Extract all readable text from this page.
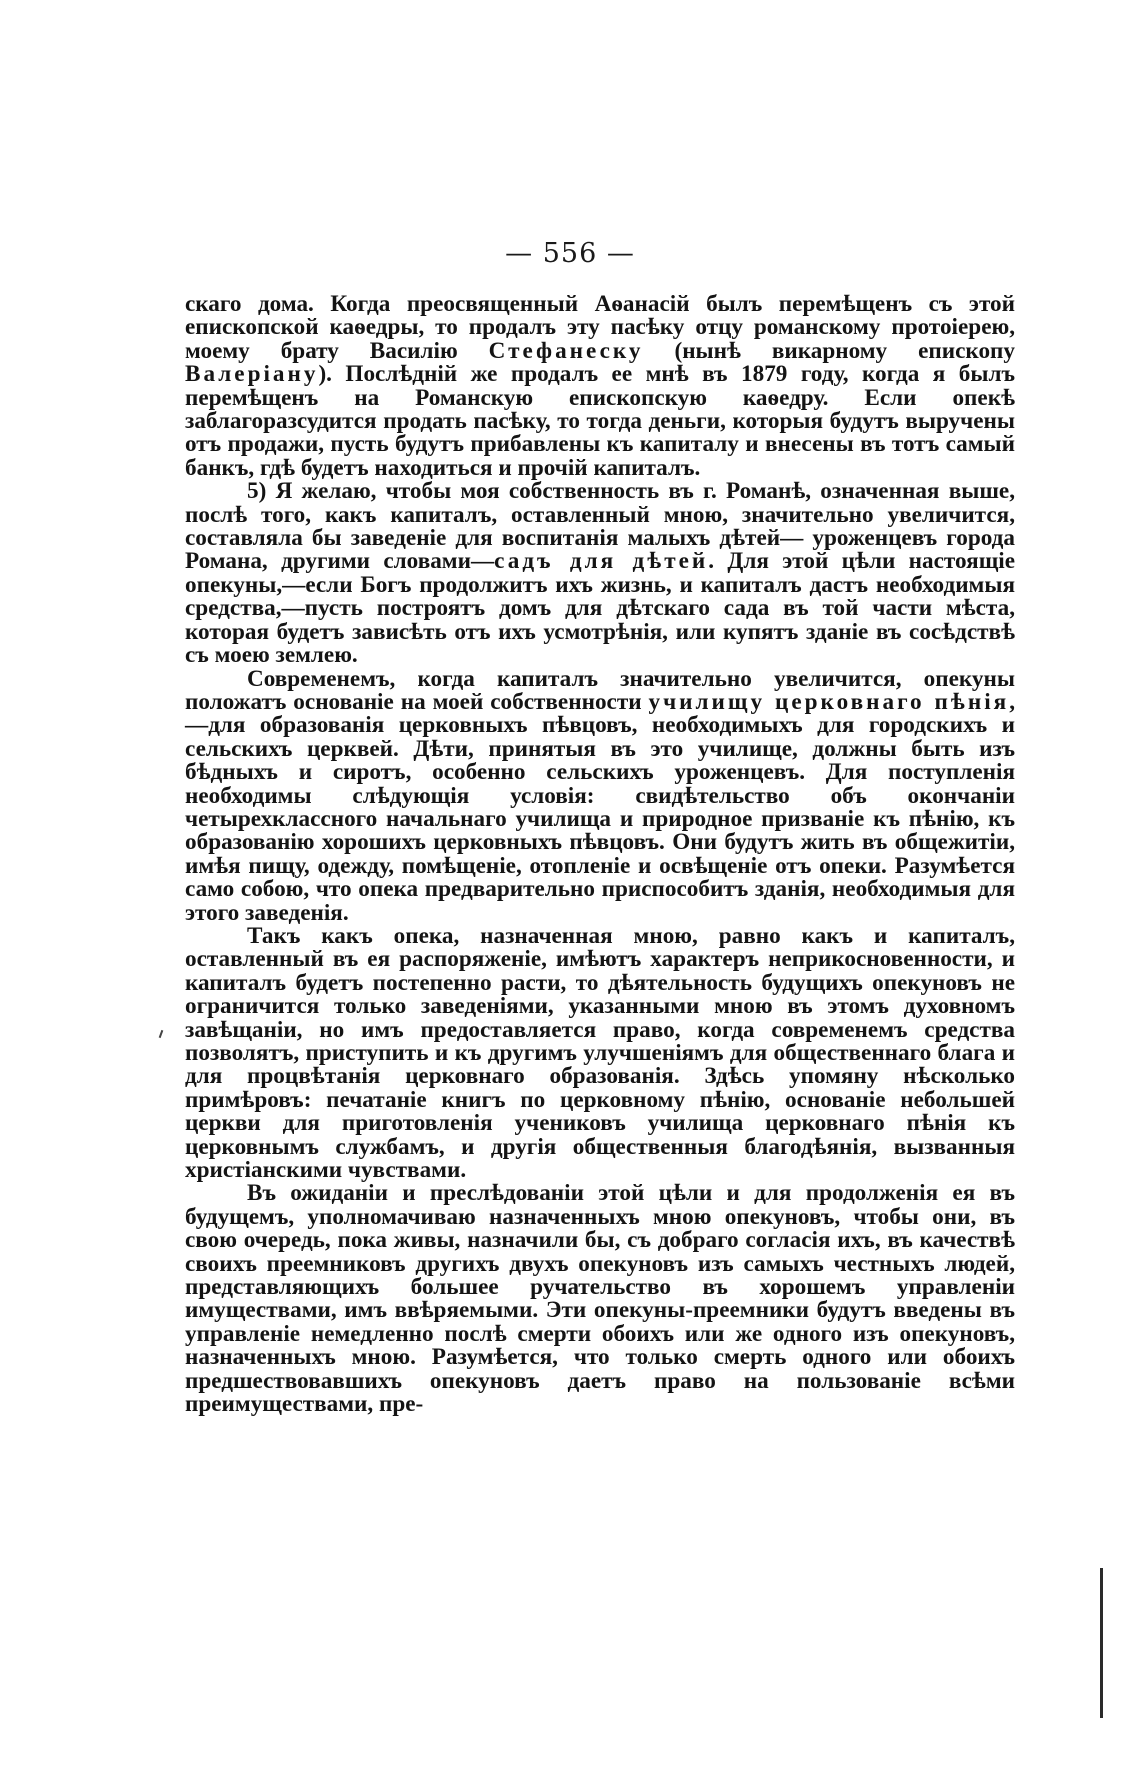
— 556 —

скаго дома. Когда преосвященный Аѳанасій былъ перемѣщенъ съ этой епископской каѳедры, то продалъ эту пасѣку отцу романскому протоіерею, моему брату Василію Стефанеску (нынѣ викарному епископу Валеріану). Послѣдній же продалъ ее мнѣ въ 1879 году, когда я былъ перемѣщенъ на Романскую епископскую каѳедру. Если опекѣ заблагоразсудится продать пасѣку, то тогда деньги, которыя будутъ выручены отъ продажи, пусть будутъ прибавлены къ капиталу и внесены въ тотъ самый банкъ, гдѣ будетъ находиться и прочій капиталъ.

5) Я желаю, чтобы моя собственность въ г. Романѣ, означенная выше, послѣ того, какъ капиталъ, оставленный мною, значительно увеличится, составляла бы заведеніе для воспитанія малыхъ дѣтей— уроженцевъ города Романа, другими словами—садъ для дѣтей. Для этой цѣли настоящіе опекуны,—если Богъ продолжитъ ихъ жизнь, и капиталъ дастъ необходимыя средства,—пусть построятъ домъ для дѣтскаго сада въ той части мѣста, которая будетъ зависѣть отъ ихъ усмотрѣнія, или купятъ зданіе въ сосѣдствѣ съ моею землею.

Современемъ, когда капиталъ значительно увеличится, опекуны положатъ основаніе на моей собственности училищу церковнаго пѣнія,—для образованія церковныхъ пѣвцовъ, необходимыхъ для городскихъ и сельскихъ церквей. Дѣти, принятыя въ это училище, должны быть изъ бѣдныхъ и сиротъ, особенно сельскихъ уроженцевъ. Для поступленія необходимы слѣдующія условія: свидѣтельство объ окончаніи четырехклассного начальнаго училища и природное призваніе къ пѣнію, къ образованію хорошихъ церковныхъ пѣвцовъ. Они будутъ жить въ общежитіи, имѣя пищу, одежду, помѣщеніе, отопленіе и освѣщеніе отъ опеки. Разумѣется само собою, что опека предварительно приспособитъ зданія, необходимыя для этого заведенія.

Такъ какъ опека, назначенная мною, равно какъ и капиталъ, оставленный въ ея распоряженіе, имѣютъ характеръ неприкосновенности, и капиталъ будетъ постепенно расти, то дѣятельность будущихъ опекуновъ не ограничится только заведеніями, указанными мною въ этомъ духовномъ завѣщаніи, но имъ предоставляется право, когда современемъ средства позволятъ, приступить и къ другимъ улучшеніямъ для общественнаго блага и для процвѣтанія церковнаго образованія. Здѣсь упомяну нѣсколько примѣровъ: печатаніе книгъ по церковному пѣнію, основаніе небольшей церкви для приготовленія учениковъ училища церковнаго пѣнія къ церковнымъ службамъ, и другія общественныя благодѣянія, вызванныя христіанскими чувствами.

Въ ожиданіи и преслѣдованіи этой цѣли и для продолженія ея въ будущемъ, уполномачиваю назначенныхъ мною опекуновъ, чтобы они, въ свою очередь, пока живы, назначили бы, съ добраго согласія ихъ, въ качествѣ своихъ преемниковъ другихъ двухъ опекуновъ изъ самыхъ честныхъ людей, представляющихъ большее ручательство въ хорошемъ управленіи имуществами, имъ ввѣряемыми. Эти опекуны-преемники будутъ введены въ управленіе немедленно послѣ смерти обоихъ или же одного изъ опекуновъ, назначенныхъ мною. Разумѣется, что только смерть одного или обоихъ предшествовавшихъ опекуновъ даетъ право на пользованіе всѣми преимуществами, пре-
